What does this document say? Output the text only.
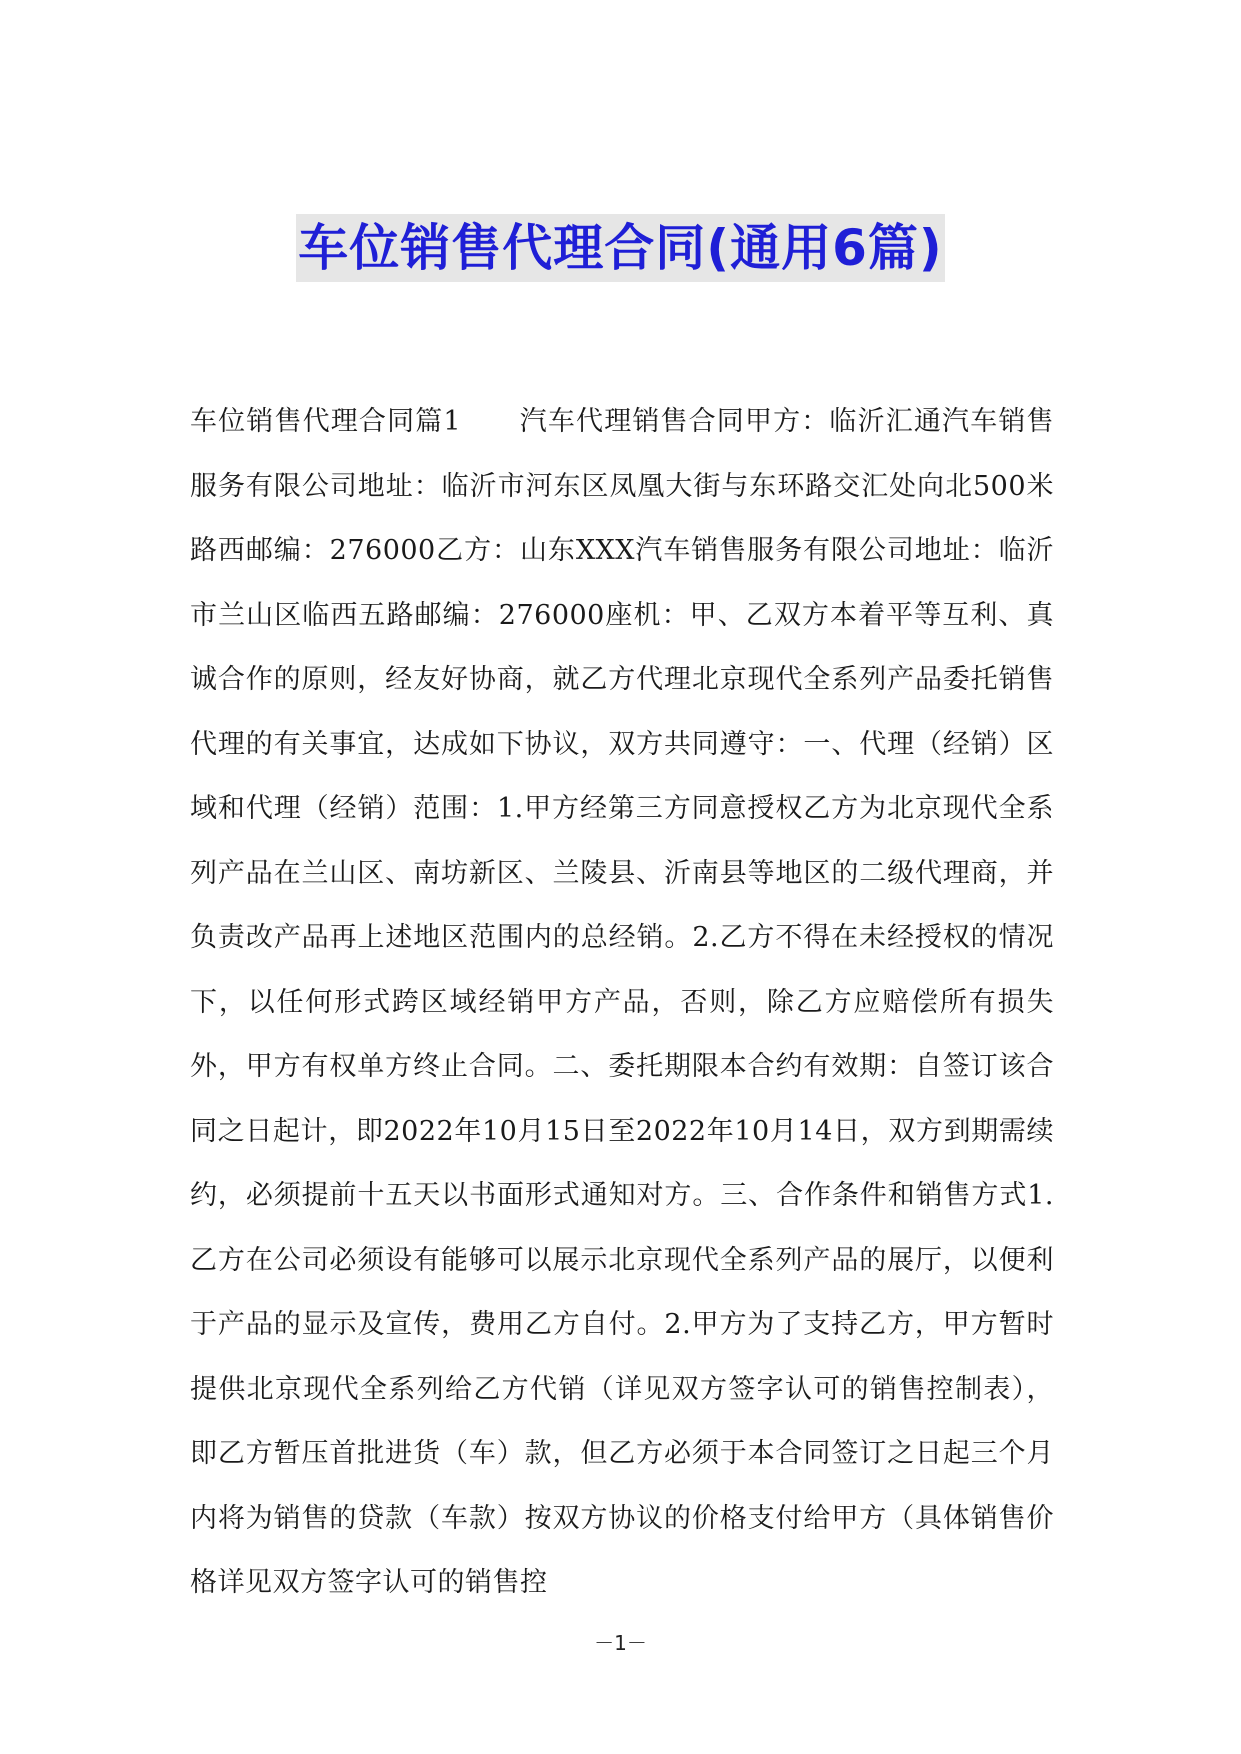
车位销售代理合同(通用6篇)
车位销售代理合同篇1 汽车代理销售合同甲方：临沂汇通汽车销售服务有限公司地址：临沂市河东区凤凰大街与东环路交汇处向北500米路西邮编：276000乙方：山东XXX汽车销售服务有限公司地址：临沂市兰山区临西五路邮编：276000座机：甲、乙双方本着平等互利、真诚合作的原则，经友好协商，就乙方代理北京现代全系列产品委托销售代理的有关事宜，达成如下协议，双方共同遵守：一、代理（经销）区域和代理（经销）范围：1.甲方经第三方同意授权乙方为北京现代全系列产品在兰山区、南坊新区、兰陵县、沂南县等地区的二级代理商，并负责改产品再上述地区范围内的总经销。2.乙方不得在未经授权的情况下，以任何形式跨区域经销甲方产品，否则，除乙方应赔偿所有损失外，甲方有权单方终止合同。二、委托期限本合约有效期：自签订该合同之日起计，即2022年10月15日至2022年10月14日，双方到期需续约，必须提前十五天以书面形式通知对方。三、合作条件和销售方式1.乙方在公司必须设有能够可以展示北京现代全系列产品的展厅，以便利于产品的显示及宣传，费用乙方自付。2.甲方为了支持乙方，甲方暂时提供北京现代全系列给乙方代销（详见双方签字认可的销售控制表），即乙方暂压首批进货（车）款，但乙方必须于本合同签订之日起三个月内将为销售的贷款（车款）按双方协议的价格支付给甲方（具体销售价格详见双方签字认可的销售控
－1－
